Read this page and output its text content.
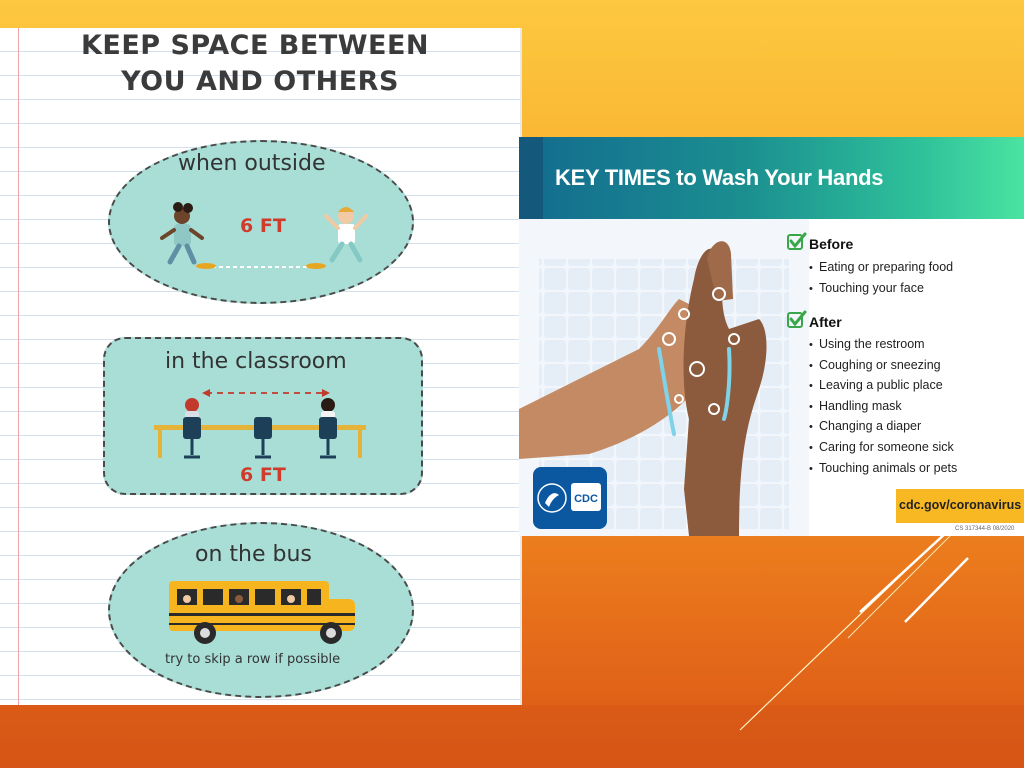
KEEP SPACE BETWEEN
YOU AND OTHERS
when outside
6 FT
in the classroom
6 FT
on the bus
try to skip a row if possible
KEY TIMES to Wash Your Hands
Before
• Eating or preparing food
• Touching your face
After
• Using the restroom
• Coughing or sneezing
• Leaving a public place
• Handling mask
• Changing a diaper
• Caring for someone sick
• Touching animals or pets
CDC	cdc.gov/coronavirus
CS 317344-B 08/2020
